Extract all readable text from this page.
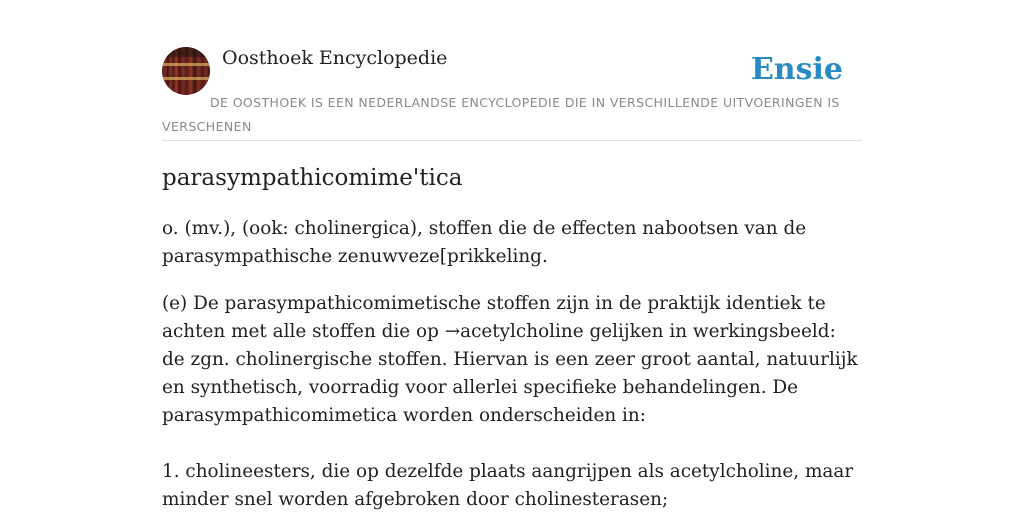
Oosthoek Encyclopedie	Ensie
DE OOSTHOEK IS EEN NEDERLANDSE ENCYCLOPEDIE DIE IN VERSCHILLENDE UITVOERINGEN IS VERSCHENEN
parasympathicomime'tica

o. (mv.), (ook: cholinergica), stoffen die de effecten nabootsen van de parasympathische zenuwveze[prikkeling.

(e) De parasympathicomimetische stoffen zijn in de praktijk identiek te achten met alle stoffen die op →acetylcholine gelijken in werkingsbeeld: de zgn. cholinergische stoffen. Hiervan is een zeer groot aantal, natuurlijk en synthetisch, voorradig voor allerlei specifieke behandelingen. De parasympathicomimetica worden onderscheiden in:

1. cholineesters, die op dezelfde plaats aangrijpen als acetylcholine, maar minder snel worden afgebroken door cholinesterasen;
